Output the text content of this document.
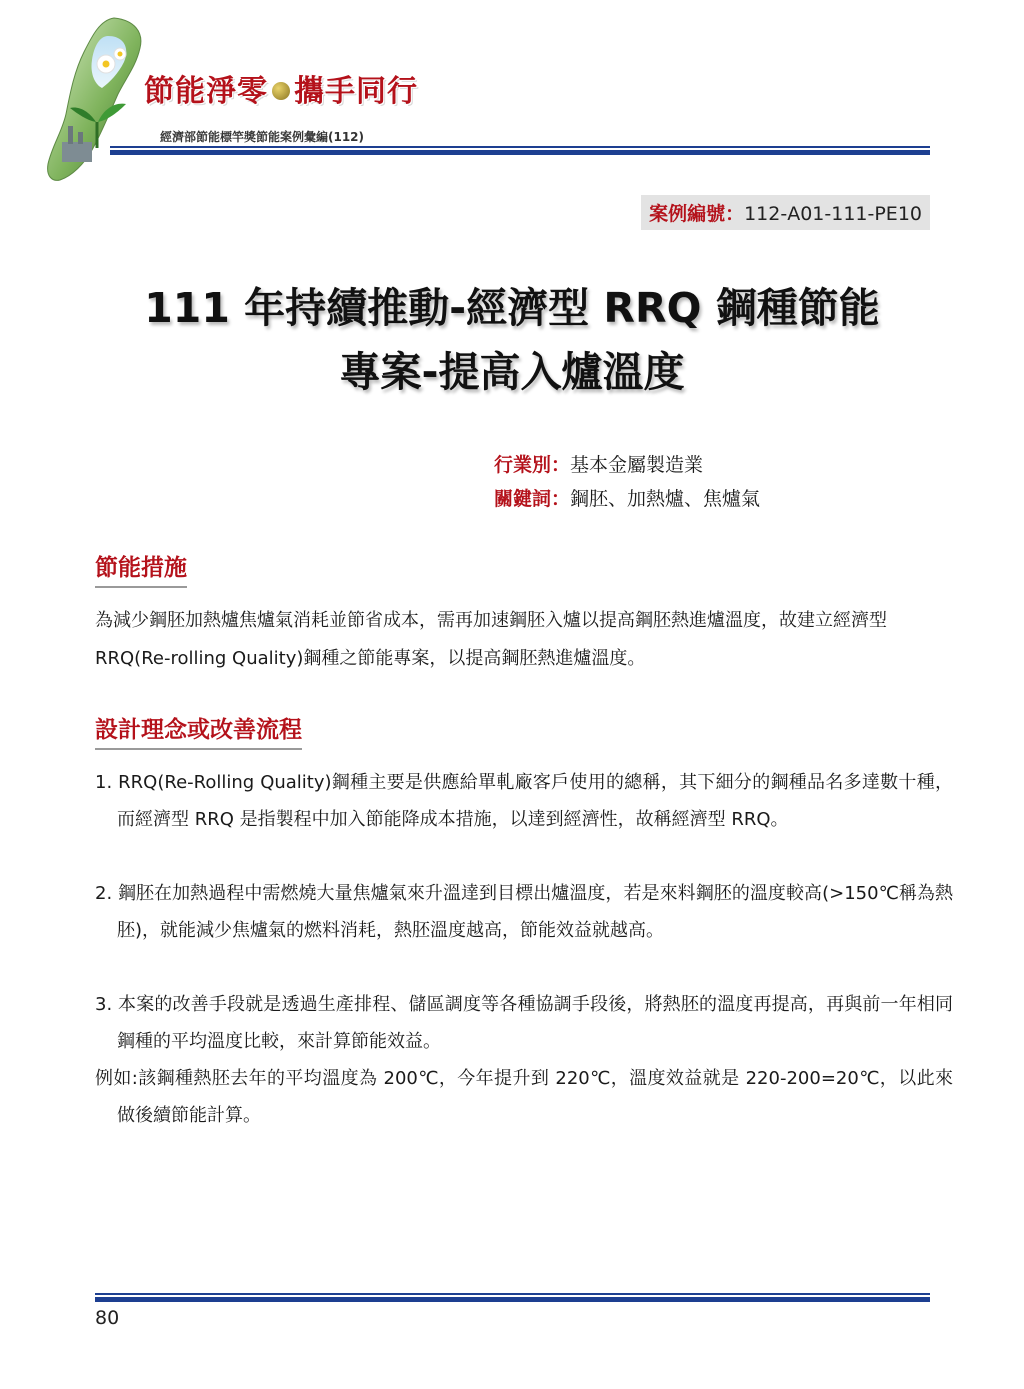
節能淨零 攜手同行
經濟部節能標竿獎節能案例彙編(112)
案例編號：112-A01-111-PE10
111 年持續推動-經濟型 RRQ 鋼種節能
專案-提高入爐溫度
行業別：基本金屬製造業
關鍵詞：鋼胚、加熱爐、焦爐氣
節能措施
為減少鋼胚加熱爐焦爐氣消耗並節省成本，需再加速鋼胚入爐以提高鋼胚熱進爐溫度，故建立經濟型 RRQ(Re-rolling Quality)鋼種之節能專案，以提高鋼胚熱進爐溫度。
設計理念或改善流程
1. RRQ(Re-Rolling Quality)鋼種主要是供應給單軋廠客戶使用的總稱，其下細分的鋼種品名多達數十種，而經濟型 RRQ 是指製程中加入節能降成本措施，以達到經濟性，故稱經濟型 RRQ。
2. 鋼胚在加熱過程中需燃燒大量焦爐氣來升溫達到目標出爐溫度，若是來料鋼胚的溫度較高(>150℃稱為熱胚)，就能減少焦爐氣的燃料消耗，熱胚溫度越高，節能效益就越高。
3. 本案的改善手段就是透過生產排程、儲區調度等各種協調手段後，將熱胚的溫度再提高，再與前一年相同鋼種的平均溫度比較，來計算節能效益。
例如:該鋼種熱胚去年的平均溫度為 200℃，今年提升到 220℃，溫度效益就是 220-200=20℃，以此來做後續節能計算。
80
